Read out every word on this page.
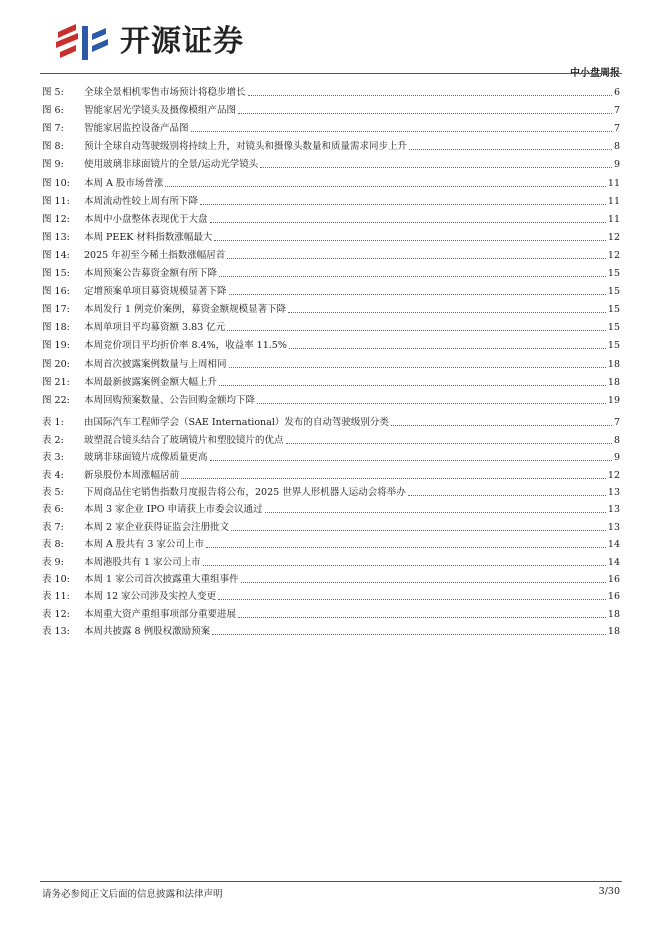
开源证券
图 5:	全球全景相机零售市场预计将稳步增长	6
图 6:	智能家居光学镜头及摄像模组产品图	7
图 7:	智能家居监控设备产品图	7
图 8:	预计全球自动驾驶级别将持续上升，对镜头和摄像头数量和质量需求同步上升	8
图 9:	使用玻璃非球面镜片的全景/运动光学镜头	9
图 10:	本周 A 股市场普涨	11
图 11:	本周流动性较上周有所下降	11
图 12:	本周中小盘整体表现优于大盘	11
图 13:	本周 PEEK 材料指数涨幅最大	12
图 14:	2025 年初至今稀土指数涨幅居首	12
图 15:	本周预案公告募资金额有所下降	15
图 16:	定增预案单项目募资规模显著下降	15
图 17:	本周发行 1 例竞价案例，募资金额规模显著下降	15
图 18:	本周单项目平均募资额 3.83 亿元	15
图 19:	本周竞价项目平均折价率 8.4%，收益率 11.5%	15
图 20:	本周首次披露案例数量与上周相同	18
图 21:	本周最新披露案例金额大幅上升	18
图 22:	本周回购预案数量、公告回购金额均下降	19
表 1:	由国际汽车工程师学会（SAE International）发布的自动驾驶级别分类	7
表 2:	玻塑混合镜头结合了玻璃镜片和塑胶镜片的优点	8
表 3:	玻璃非球面镜片成像质量更高	9
表 4:	新泉股份本周涨幅居前	12
表 5:	下周商品住宅销售指数月度报告将公布，2025 世界人形机器人运动会将举办	13
表 6:	本周 3 家企业 IPO 申请获上市委会议通过	13
表 7:	本周 2 家企业获得证监会注册批文	13
表 8:	本周 A 股共有 3 家公司上市	14
表 9:	本周港股共有 1 家公司上市	14
表 10:	本周 1 家公司首次披露重大重组事件	16
表 11:	本周 12 家公司涉及实控人变更	16
表 12:	本周重大资产重组事项部分重要进展	18
表 13:	本周共披露 8 例股权激励预案	18
请务必参阅正文后面的信息披露和法律声明	3/30
